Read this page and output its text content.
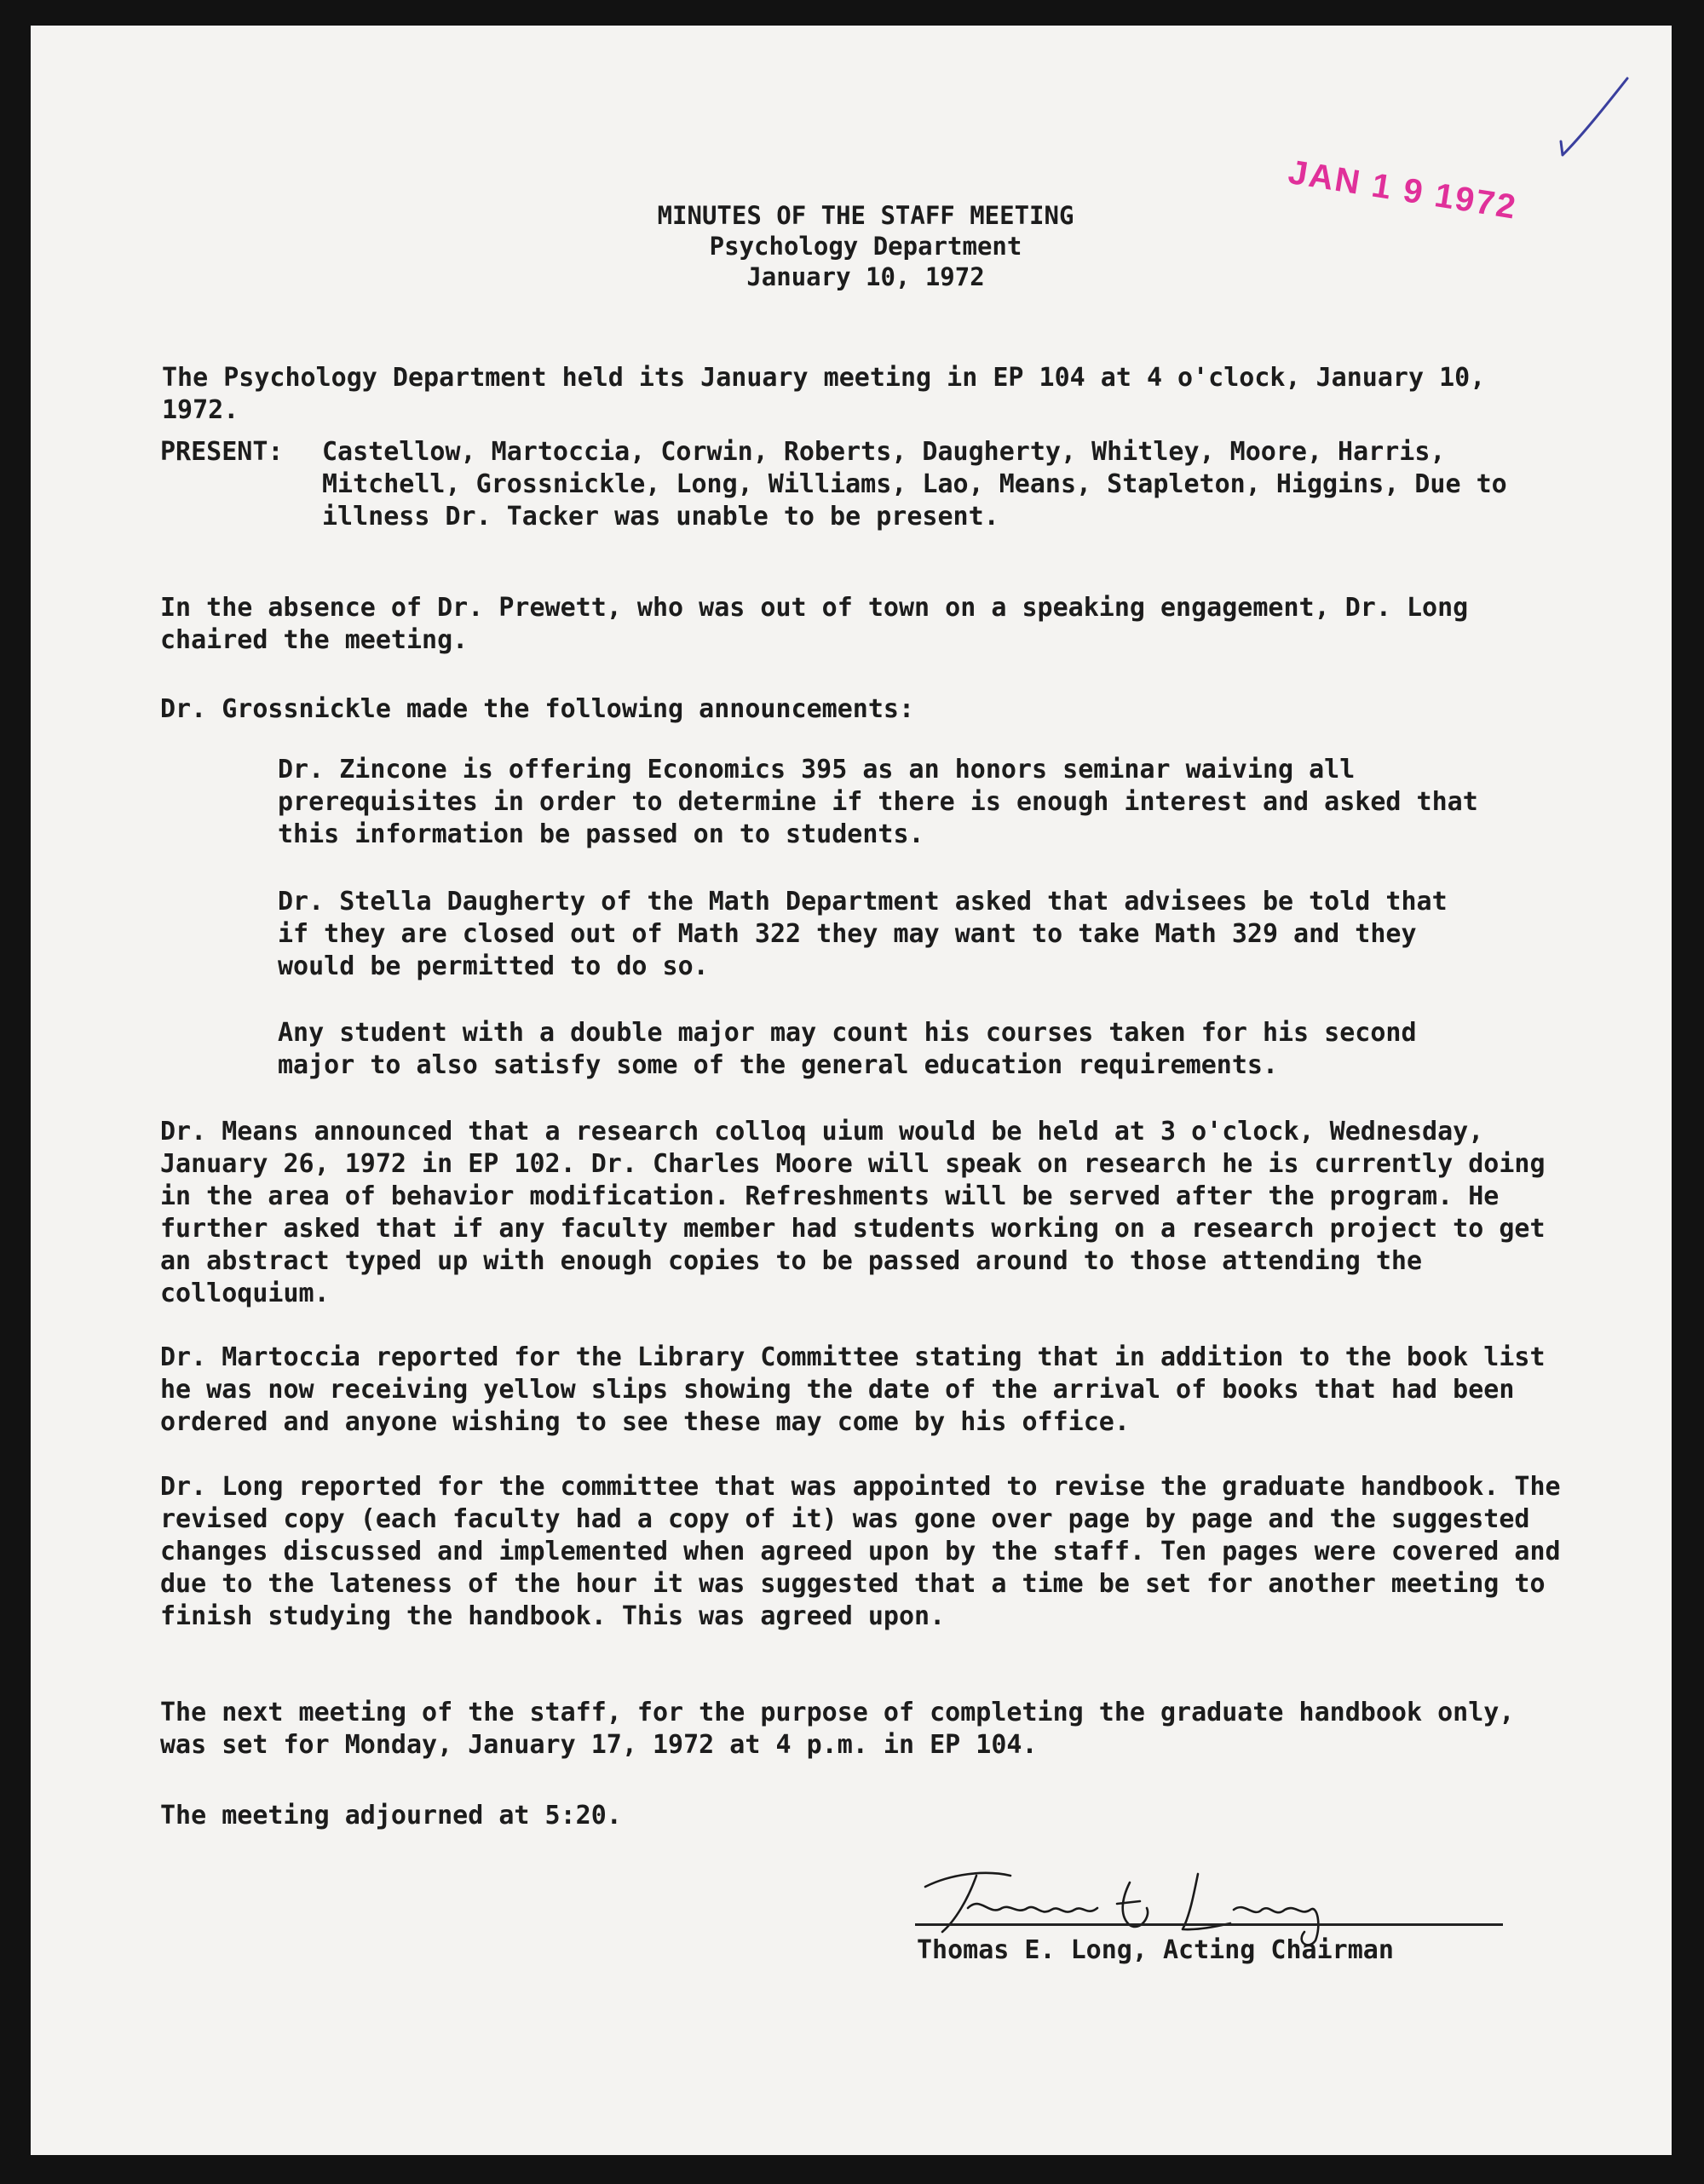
JAN 1 9 1972
MINUTES OF THE STAFF MEETING
Psychology Department
January 10, 1972

The Psychology Department held its January meeting in EP 104 at 4 o'clock, January 10, 1972.

PRESENT: Castellow, Martoccia, Corwin, Roberts, Daugherty, Whitley, Moore, Harris, Mitchell, Grossnickle, Long, Williams, Lao, Means, Stapleton, Higgins, Due to illness Dr. Tacker was unable to be present.

In the absence of Dr. Prewett, who was out of town on a speaking engagement, Dr. Long chaired the meeting.

Dr. Grossnickle made the following announcements:

Dr. Zincone is offering Economics 395 as an honors seminar waiving all prerequisites in order to determine if there is enough interest and asked that this information be passed on to students.

Dr. Stella Daugherty of the Math Department asked that advisees be told that if they are closed out of Math 322 they may want to take Math 329 and they would be permitted to do so.

Any student with a double major may count his courses taken for his second major to also satisfy some of the general education requirements.

Dr. Means announced that a research colloq uium would be held at 3 o'clock, Wednesday, January 26, 1972 in EP 102. Dr. Charles Moore will speak on research he is currently doing in the area of behavior modification. Refreshments will be served after the program. He further asked that if any faculty member had students working on a research project to get an abstract typed up with enough copies to be passed around to those attending the colloquium.

Dr. Martoccia reported for the Library Committee stating that in addition to the book list he was now receiving yellow slips showing the date of the arrival of books that had been ordered and anyone wishing to see these may come by his office.

Dr. Long reported for the committee that was appointed to revise the graduate handbook. The revised copy (each faculty had a copy of it) was gone over page by page and the suggested changes discussed and implemented when agreed upon by the staff. Ten pages were covered and due to the lateness of the hour it was suggested that a time be set for another meeting to finish studying the handbook. This was agreed upon.

The next meeting of the staff, for the purpose of completing the graduate handbook only, was set for Monday, January 17, 1972 at 4 p.m. in EP 104.

The meeting adjourned at 5:20.

Thomas E. Long, Acting Chairman
